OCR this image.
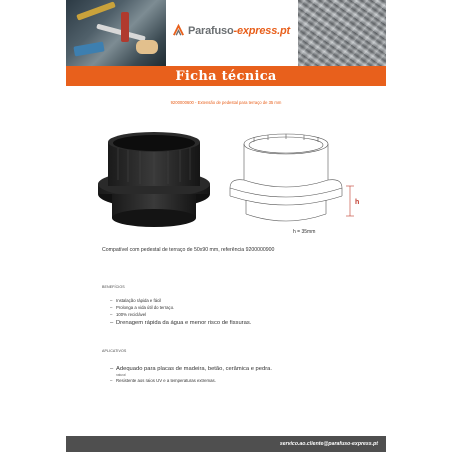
Parafuso-express.pt
Ficha técnica
9200000600 - Extensão de pedestal para terraço de 35 mm
h
h = 35mm
Compatível com pedestal de terraço de 50x90 mm, referência 9200000900
BENEFÍCIOS
– Instalação rápida e fácil
– Prolonga a vida útil do terraço.
– 100% reciclável
– Drenagem rápida da água e menor risco de fissuras.
APLICATIVOS
– Adequado para placas de madeira, betão, cerâmica e pedra.
natural
– Resistente aos raios UV e a temperaturas extremas.
servico.ao.cliente@parafuso-express.pt
